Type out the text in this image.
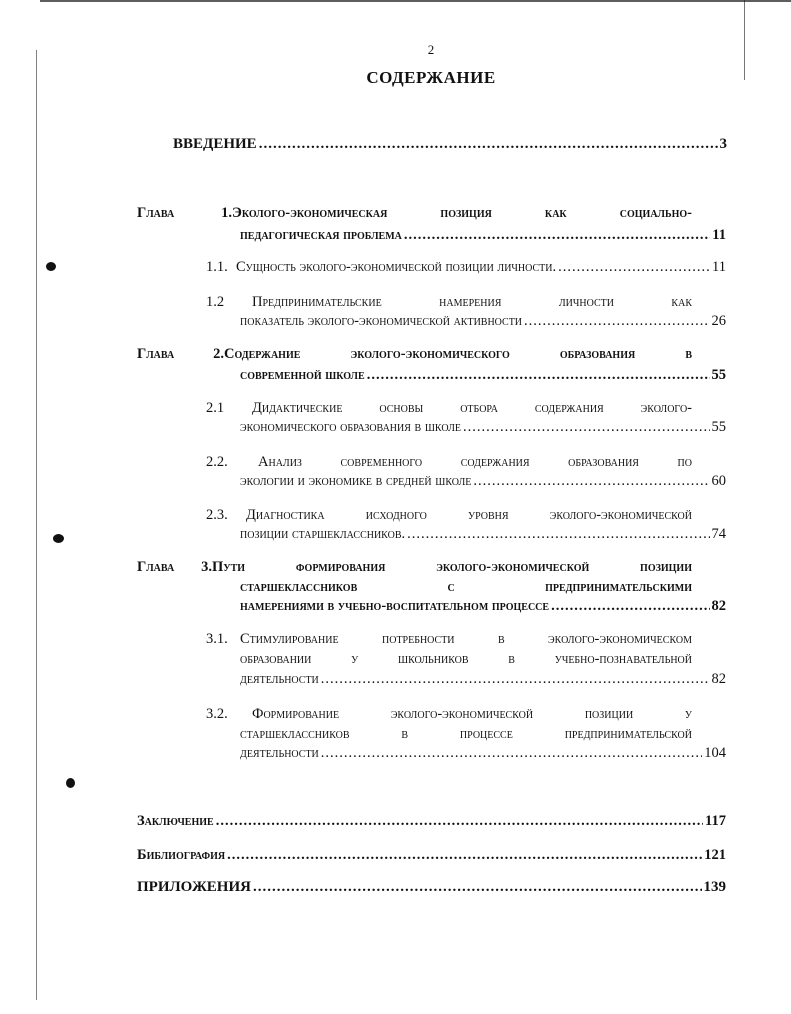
2
СОДЕРЖАНИЕ
ВВЕДЕНИЕ .....	3
Глава 1.Эколого-экономическая позиция как социально-
педагогическая проблема .....	11
1.1. Сущность эколого-экономической позиции личности. .....	11
1.2 Предпринимательские намерения личности как
показатель эколого-экономической активности .....	26
Глава 2.Содержание эколого-экономического образования в
современной школе .....	55
2.1 Дидактические основы отбора содержания эколого-
экономического образования в школе .....	55
2.2. Анализ современного содержания образования по
экологии и экономике в средней школе .....	60
2.3. Диагностика исходного уровня эколого-экономической
позиции старшеклассников. .....	74
Глава 3.Пути формирования эколого-экономической позиции
старшеклассников с предпринимательскими
намерениями в учебно-воспитательном процессе .....	82
3.1. Стимулирование потребности в эколого-экономическом
образовании у школьников в учебно-познавательной
деятельности .....	82
3.2. Формирование эколого-экономической позиции у
старшеклассников в процессе предпринимательской
деятельности .....	104
Заключение .....	117
Библиография .....	121
ПРИЛОЖЕНИЯ .....	139
